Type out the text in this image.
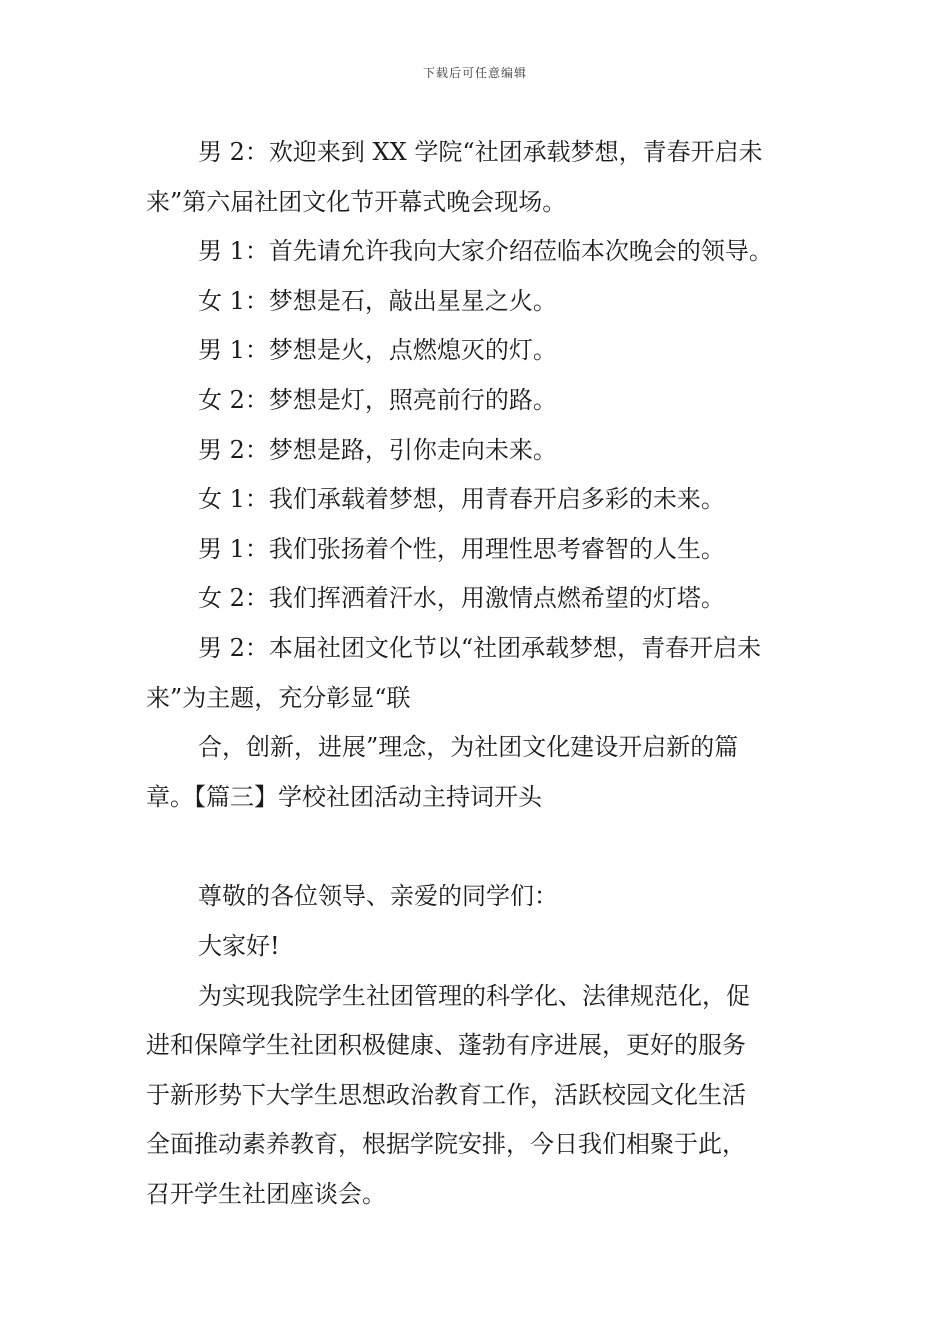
下载后可任意编辑

男 2：欢迎来到 XX 学院“社团承载梦想，青春开启未

来”第六届社团文化节开幕式晚会现场。

男 1：首先请允许我向大家介绍莅临本次晚会的领导。

女 1：梦想是石，敲出星星之火。

男 1：梦想是火，点燃熄灭的灯。

女 2：梦想是灯，照亮前行的路。

男 2：梦想是路，引你走向未来。

女 1：我们承载着梦想，用青春开启多彩的未来。

男 1：我们张扬着个性，用理性思考睿智的人生。

女 2：我们挥洒着汗水，用激情点燃希望的灯塔。

男 2：本届社团文化节以“社团承载梦想，青春开启未

来”为主题，充分彰显“联

合，创新，进展”理念，为社团文化建设开启新的篇

章。【篇三】学校社团活动主持词开头

尊敬的各位领导、亲爱的同学们：

大家好!

为实现我院学生社团管理的科学化、法律规范化，促

进和保障学生社团积极健康、蓬勃有序进展，更好的服务

于新形势下大学生思想政治教育工作，活跃校园文化生活

全面推动素养教育，根据学院安排，今日我们相聚于此，

召开学生社团座谈会。
